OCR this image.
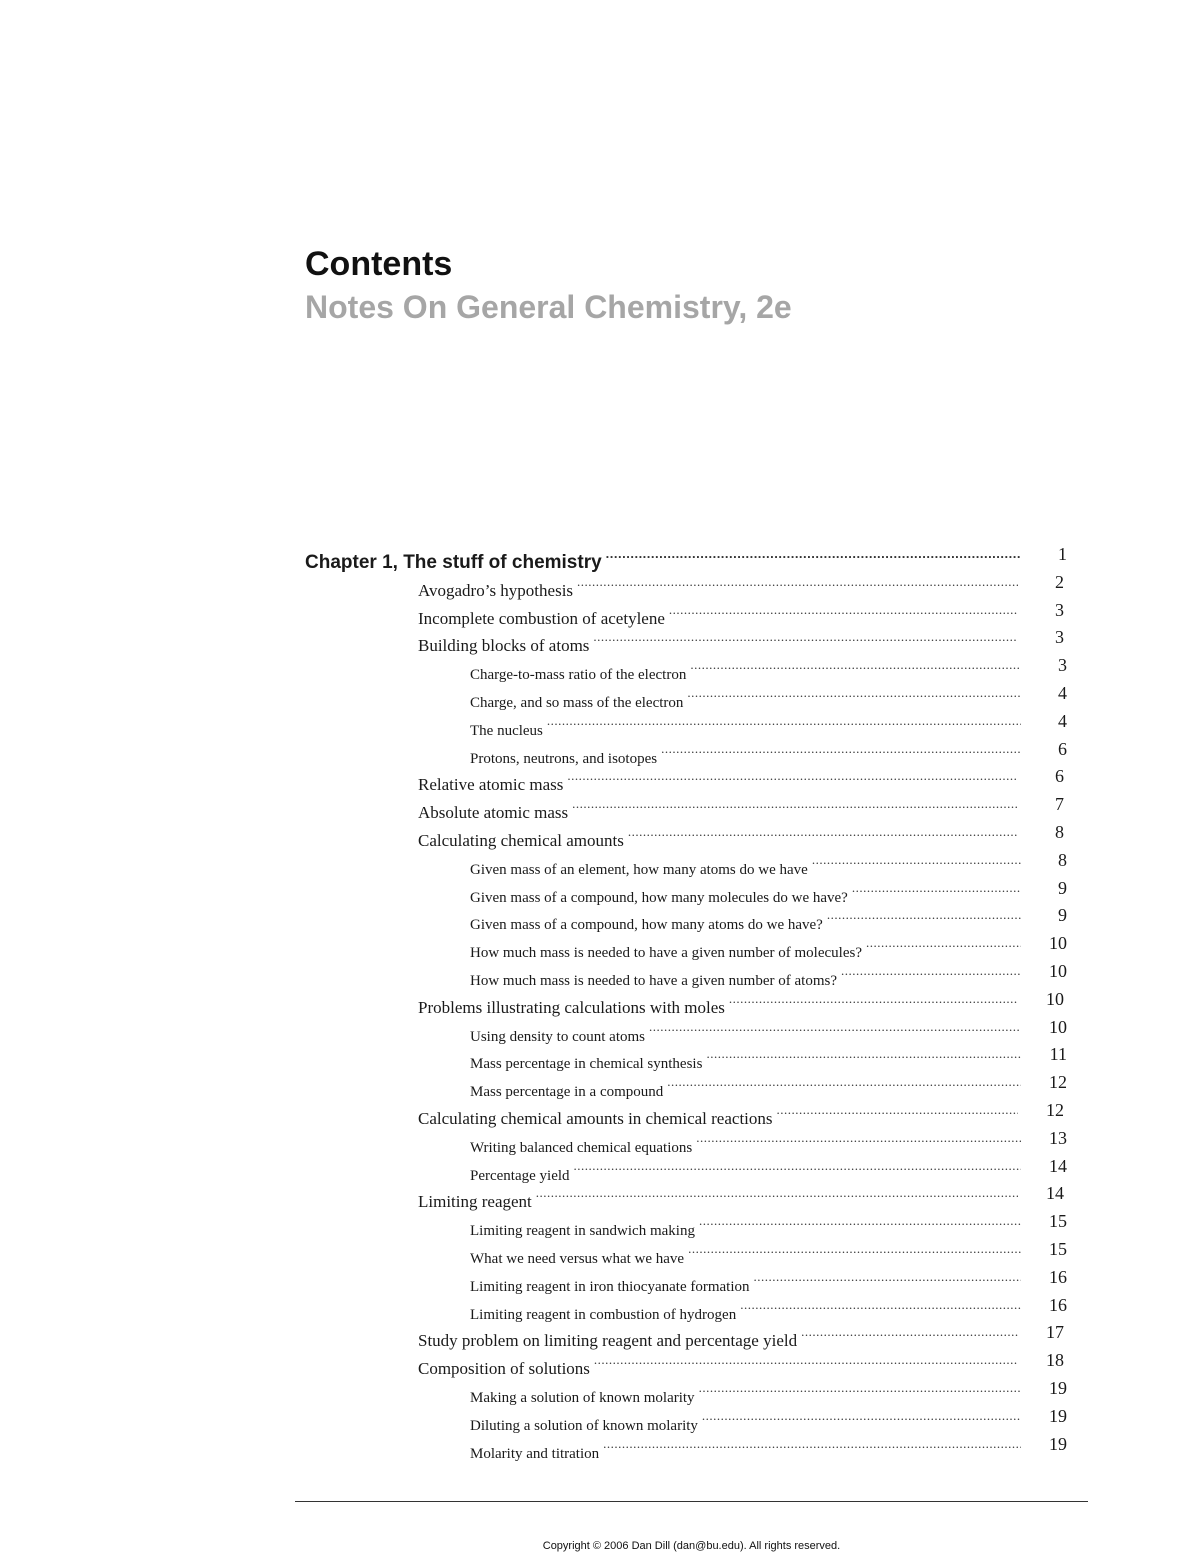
Contents
Notes On General Chemistry, 2e
Chapter 1, The stuff of chemistry .....	1
Avogadro’s hypothesis .....	2
Incomplete combustion of acetylene .....	3
Building blocks of atoms .....	3
Charge-to-mass ratio of the electron .....	3
Charge, and so mass of the electron .....	4
The nucleus .....	4
Protons, neutrons, and isotopes .....	6
Relative atomic mass .....	6
Absolute atomic mass .....	7
Calculating chemical amounts .....	8
Given mass of an element, how many atoms do we have .....	8
Given mass of a compound, how many molecules do we have? .....	9
Given mass of a compound, how many atoms do we have? .....	9
How much mass is needed to have a given number of molecules? .....	10
How much mass is needed to have a given number of atoms? .....	10
Problems illustrating calculations with moles .....	10
Using density to count atoms .....	10
Mass percentage in chemical synthesis .....	11
Mass percentage in a compound .....	12
Calculating chemical amounts in chemical reactions .....	12
Writing balanced chemical equations .....	13
Percentage yield .....	14
Limiting reagent .....	14
Limiting reagent in sandwich making .....	15
What we need versus what we have .....	15
Limiting reagent in iron thiocyanate formation .....	16
Limiting reagent in combustion of hydrogen .....	16
Study problem on limiting reagent and percentage yield .....	17
Composition of solutions .....	18
Making a solution of known molarity .....	19
Diluting a solution of known molarity .....	19
Molarity and titration .....	19

Copyright © 2006 Dan Dill (dan@bu.edu). All rights reserved.
